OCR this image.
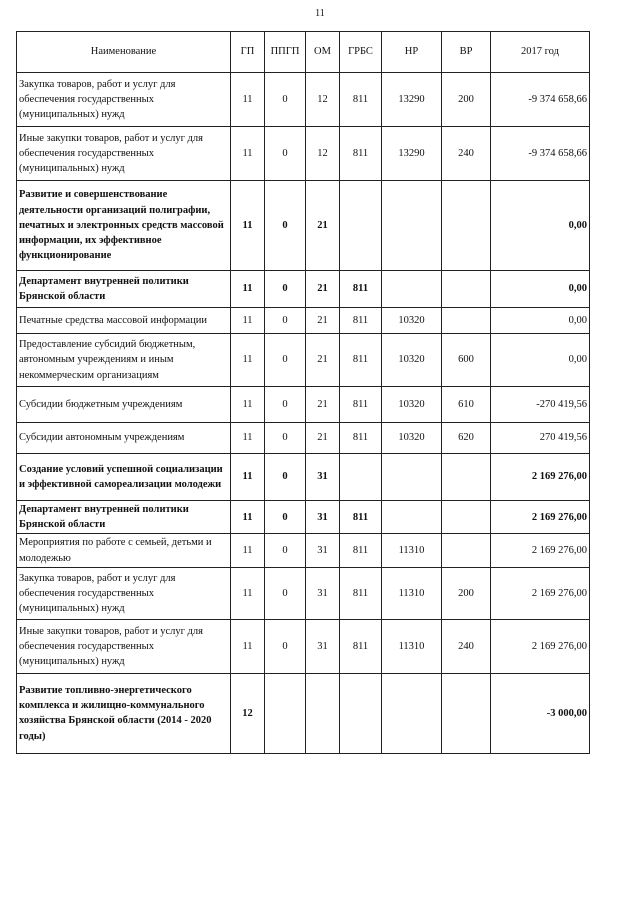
11
Наименование	ГП	ППГП	ОМ	ГРБС	НР	ВР	2017 год
Закупка товаров, работ и услуг для обеспечения государственных (муниципальных) нужд	11	0	12	811	13290	200	-9 374 658,66
Иные закупки товаров, работ и услуг для обеспечения государственных (муниципальных) нужд	11	0	12	811	13290	240	-9 374 658,66
Развитие и совершенствование деятельности организаций полиграфии, печатных и электронных средств массовой информации, их эффективное функционирование	11	0	21				0,00
Департамент внутренней политики Брянской области	11	0	21	811			0,00
Печатные средства массовой информации	11	0	21	811	10320		0,00
Предоставление субсидий бюджетным, автономным учреждениям и иным некоммерческим организациям	11	0	21	811	10320	600	0,00
Субсидии бюджетным учреждениям	11	0	21	811	10320	610	-270 419,56
Субсидии автономным учреждениям	11	0	21	811	10320	620	270 419,56
Создание условий успешной социализации и эффективной самореализации молодежи	11	0	31				2 169 276,00
Департамент внутренней политики Брянской области	11	0	31	811			2 169 276,00
Мероприятия по работе с семьей, детьми и молодежью	11	0	31	811	11310		2 169 276,00
Закупка товаров, работ и услуг для обеспечения государственных (муниципальных) нужд	11	0	31	811	11310	200	2 169 276,00
Иные закупки товаров, работ и услуг для обеспечения государственных (муниципальных) нужд	11	0	31	811	11310	240	2 169 276,00
Развитие топливно-энергетического комплекса и жилищно-коммунального хозяйства Брянской области (2014 - 2020 годы)	12						-3 000,00
